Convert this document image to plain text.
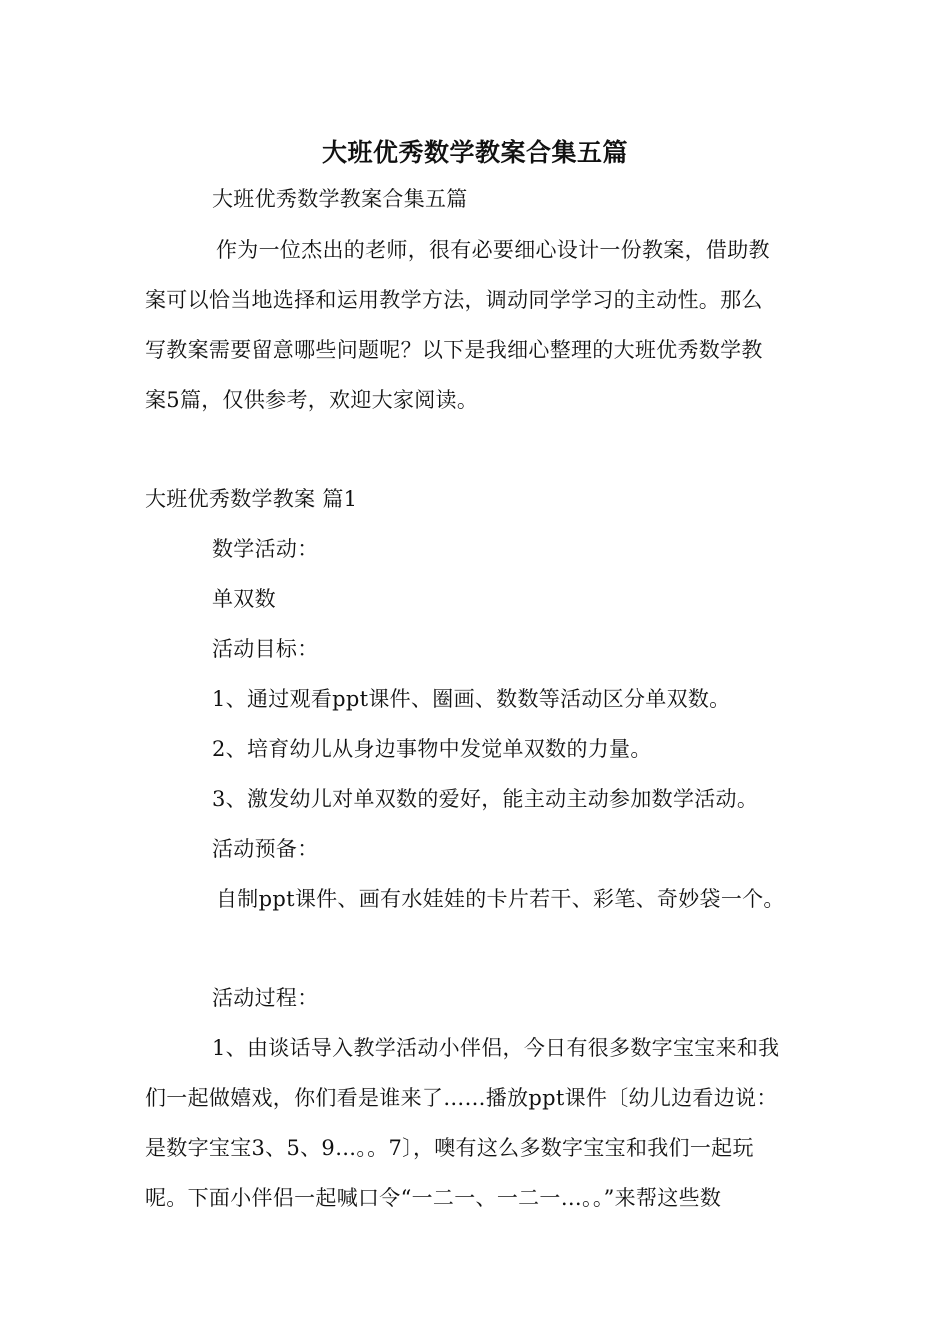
大班优秀数学教案合集五篇
大班优秀数学教案合集五篇
作为一位杰出的老师，很有必要细心设计一份教案，借助教
案可以恰当地选择和运用教学方法，调动同学学习的主动性。那么
写教案需要留意哪些问题呢？以下是我细心整理的大班优秀数学教
案5篇，仅供参考，欢迎大家阅读。
大班优秀数学教案 篇1
数学活动：
单双数
活动目标：
1、通过观看ppt课件、圈画、数数等活动区分单双数。
2、培育幼儿从身边事物中发觉单双数的力量。
3、激发幼儿对单双数的爱好，能主动主动参加数学活动。
活动预备：
自制ppt课件、画有水娃娃的卡片若干、彩笔、奇妙袋一个。
活动过程：
1、由谈话导入教学活动小伴侣，今日有很多数字宝宝来和我
们一起做嬉戏，你们看是谁来了……播放ppt课件〔幼儿边看边说：
是数字宝宝3、5、9…。。7〕，噢有这么多数字宝宝和我们一起玩
呢。下面小伴侣一起喊口令“一二一、一二一…。。”来帮这些数
